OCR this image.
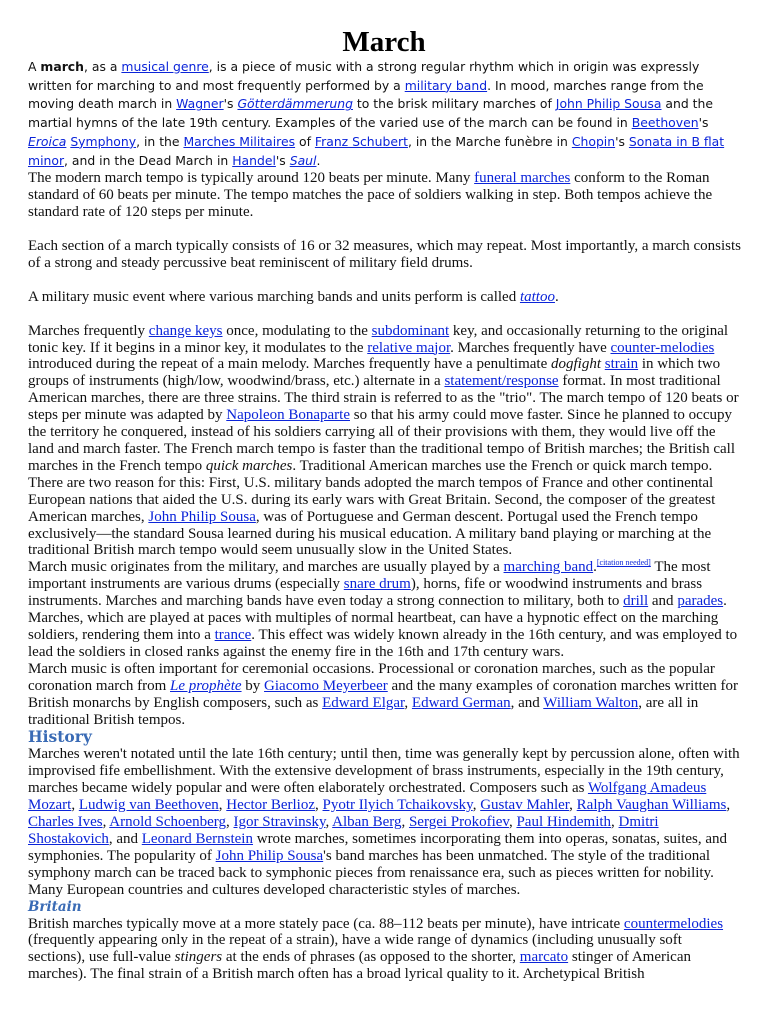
March

A march, as a musical genre, is a piece of music with a strong regular rhythm which in origin was expressly written for marching to and most frequently performed by a military band. In mood, marches range from the moving death march in Wagner's Götterdämmerung to the brisk military marches of John Philip Sousa and the martial hymns of the late 19th century. Examples of the varied use of the march can be found in Beethoven's Eroica Symphony, in the Marches Militaires of Franz Schubert, in the Marche funèbre in Chopin's Sonata in B flat minor, and in the Dead March in Handel's Saul.

The modern march tempo is typically around 120 beats per minute. Many funeral marches conform to the Roman standard of 60 beats per minute. The tempo matches the pace of soldiers walking in step. Both tempos achieve the standard rate of 120 steps per minute.

Each section of a march typically consists of 16 or 32 measures, which may repeat. Most importantly, a march consists of a strong and steady percussive beat reminiscent of military field drums.

A military music event where various marching bands and units perform is called tattoo.

Marches frequently change keys once, modulating to the subdominant key, and occasionally returning to the original tonic key. If it begins in a minor key, it modulates to the relative major. Marches frequently have counter-melodies introduced during the repeat of a main melody. Marches frequently have a penultimate dogfight strain in which two groups of instruments (high/low, woodwind/brass, etc.) alternate in a statement/response format. In most traditional American marches, there are three strains. The third strain is referred to as the "trio". The march tempo of 120 beats or steps per minute was adapted by Napoleon Bonaparte so that his army could move faster. Since he planned to occupy the territory he conquered, instead of his soldiers carrying all of their provisions with them, they would live off the land and march faster. The French march tempo is faster than the traditional tempo of British marches; the British call marches in the French tempo quick marches. Traditional American marches use the French or quick march tempo. There are two reason for this: First, U.S. military bands adopted the march tempos of France and other continental European nations that aided the U.S. during its early wars with Great Britain. Second, the composer of the greatest American marches, John Philip Sousa, was of Portuguese and German descent. Portugal used the French tempo exclusively—the standard Sousa learned during his musical education. A military band playing or marching at the traditional British march tempo would seem unusually slow in the United States.

March music originates from the military, and marches are usually played by a marching band.[citation needed] The most important instruments are various drums (especially snare drum), horns, fife or woodwind instruments and brass instruments. Marches and marching bands have even today a strong connection to military, both to drill and parades. Marches, which are played at paces with multiples of normal heartbeat, can have a hypnotic effect on the marching soldiers, rendering them into a trance. This effect was widely known already in the 16th century, and was employed to lead the soldiers in closed ranks against the enemy fire in the 16th and 17th century wars.

March music is often important for ceremonial occasions. Processional or coronation marches, such as the popular coronation march from Le prophète by Giacomo Meyerbeer and the many examples of coronation marches written for British monarchs by English composers, such as Edward Elgar, Edward German, and William Walton, are all in traditional British tempos.

History

Marches weren't notated until the late 16th century; until then, time was generally kept by percussion alone, often with improvised fife embellishment. With the extensive development of brass instruments, especially in the 19th century, marches became widely popular and were often elaborately orchestrated. Composers such as Wolfgang Amadeus Mozart, Ludwig van Beethoven, Hector Berlioz, Pyotr Ilyich Tchaikovsky, Gustav Mahler, Ralph Vaughan Williams, Charles Ives, Arnold Schoenberg, Igor Stravinsky, Alban Berg, Sergei Prokofiev, Paul Hindemith, Dmitri Shostakovich, and Leonard Bernstein wrote marches, sometimes incorporating them into operas, sonatas, suites, and symphonies. The popularity of John Philip Sousa's band marches has been unmatched. The style of the traditional symphony march can be traced back to symphonic pieces from renaissance era, such as pieces written for nobility.

Many European countries and cultures developed characteristic styles of marches.

Britain

British marches typically move at a more stately pace (ca. 88–112 beats per minute), have intricate countermelodies (frequently appearing only in the repeat of a strain), have a wide range of dynamics (including unusually soft sections), use full-value stingers at the ends of phrases (as opposed to the shorter, marcato stinger of American marches). The final strain of a British march often has a broad lyrical quality to it. Archetypical British
